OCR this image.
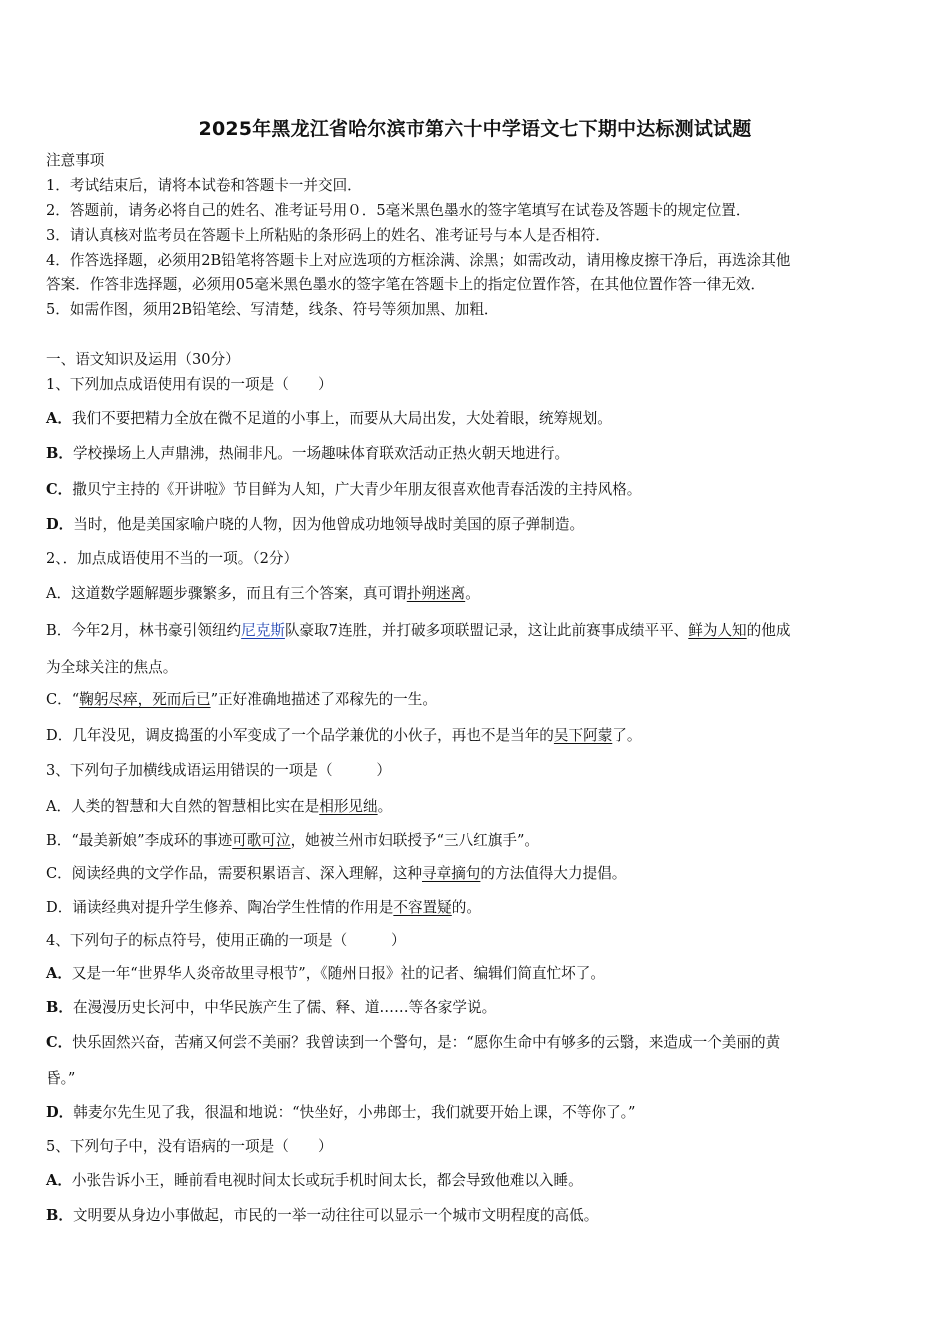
2025年黑龙江省哈尔滨市第六十中学语文七下期中达标测试试题
注意事项
1．考试结束后，请将本试卷和答题卡一并交回．
2．答题前，请务必将自己的姓名、准考证号用０．5毫米黑色墨水的签字笔填写在试卷及答题卡的规定位置．
3．请认真核对监考员在答题卡上所粘贴的条形码上的姓名、准考证号与本人是否相符．
4．作答选择题，必须用2B铅笔将答题卡上对应选项的方框涂满、涂黑；如需改动，请用橡皮擦干净后，再选涂其他
答案．作答非选择题，必须用05毫米黑色墨水的签字笔在答题卡上的指定位置作答，在其他位置作答一律无效．
5．如需作图，须用2B铅笔绘、写清楚，线条、符号等须加黑、加粗．
一、语文知识及运用（30分）
1、下列加点成语使用有误的一项是（　　）
A．我们不要把精力全放在微不足道的小事上，而要从大局出发，大处着眼，统筹规划。
B．学校操场上人声鼎沸，热闹非凡。一场趣味体育联欢活动正热火朝天地进行。
C．撒贝宁主持的《开讲啦》节目鲜为人知，广大青少年朋友很喜欢他青春活泼的主持风格。
D．当时，他是美国家喻户晓的人物，因为他曾成功地领导战时美国的原子弹制造。
2、．加点成语使用不当的一项。（2分）
A．这道数学题解题步骤繁多，而且有三个答案，真可谓扑朔迷离。
B．今年2月，林书豪引领纽约尼克斯队豪取7连胜，并打破多项联盟记录，这让此前赛事成绩平平、鲜为人知的他成
为全球关注的焦点。
C．“鞠躬尽瘁，死而后已”正好准确地描述了邓稼先的一生。
D．几年没见，调皮捣蛋的小军变成了一个品学兼优的小伙子，再也不是当年的吴下阿蒙了。
3、下列句子加横线成语运用错误的一项是（　　　）
A．人类的智慧和大自然的智慧相比实在是相形见绌。
B．“最美新娘”李成环的事迹可歌可泣，她被兰州市妇联授予“三八红旗手”。
C．阅读经典的文学作品，需要积累语言、深入理解，这种寻章摘句的方法值得大力提倡。
D．诵读经典对提升学生修养、陶冶学生性情的作用是不容置疑的。
4、下列句子的标点符号，使用正确的一项是（　　　）
A．又是一年“世界华人炎帝故里寻根节”，《随州日报》社的记者、编辑们简直忙坏了。
B．在漫漫历史长河中，中华民族产生了儒、释、道……等各家学说。
C．快乐固然兴奋，苦痛又何尝不美丽？我曾读到一个警句，是：“愿你生命中有够多的云翳，来造成一个美丽的黄
昏。”
D．韩麦尔先生见了我，很温和地说：“快坐好，小弗郎士，我们就要开始上课，不等你了。”
5、下列句子中，没有语病的一项是（　　）
A．小张告诉小王，睡前看电视时间太长或玩手机时间太长，都会导致他难以入睡。
B．文明要从身边小事做起，市民的一举一动往往可以显示一个城市文明程度的高低。
